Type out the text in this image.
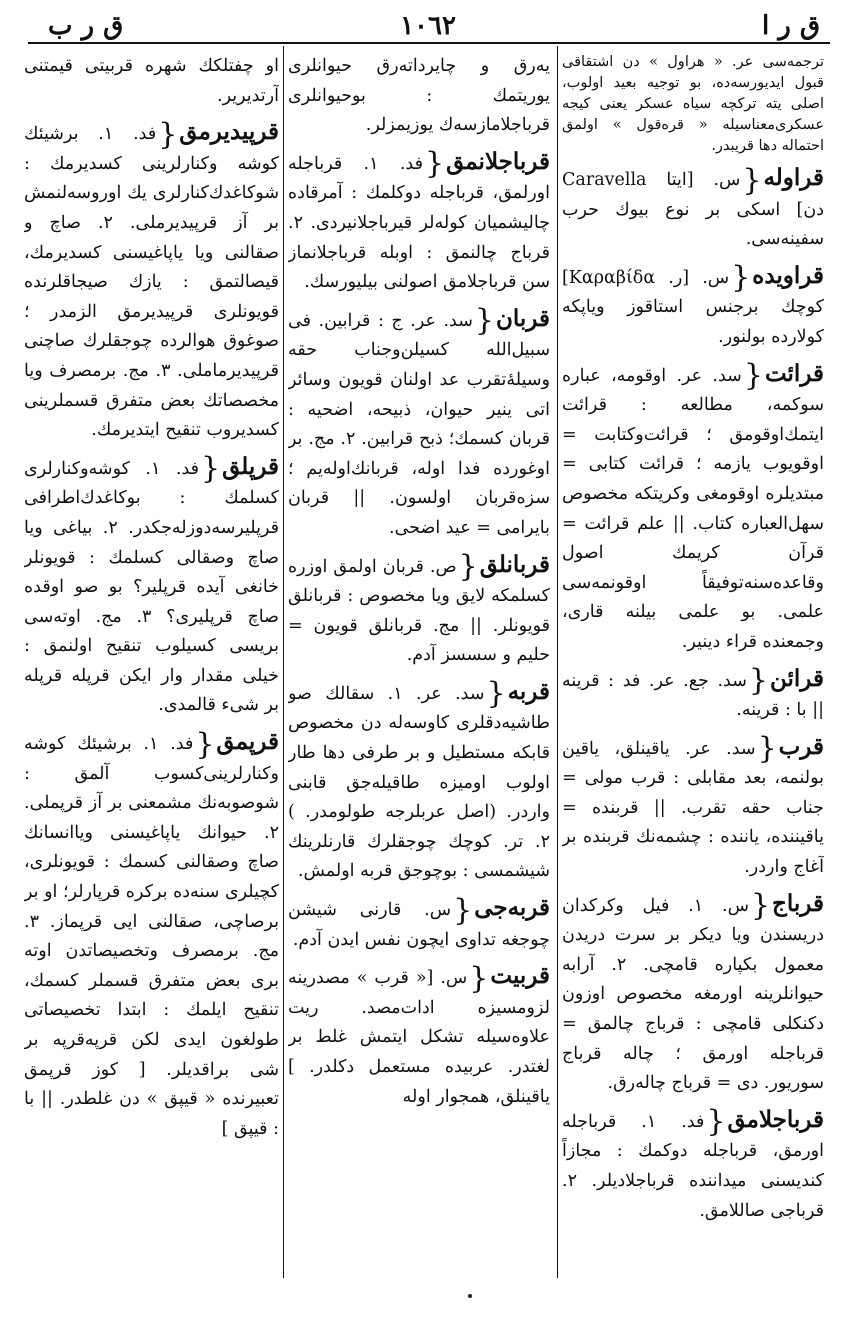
ق ر ا
١٠٦٢
ق ر ب

ترجمه‌سی عر. « هراول » دن اشتقاقی قبول ایدیورسه‌ده، بو توجیه بعید اولوب، اصلی یته ترکچه سیاه عسکر یعنی کیجه عسکری‌معناسیله « قره‌قول » اولمق احتماله دها قریبدر.

قراوله{س. [ایتا Caravella دن] اسکی بر نوع بیوك حرب سفینه‌سی.

قراویده{س. [ر. Καραβίδα] کوچك برجنس استاقوز ویا‌پکه کولارده بولنور.

قرائت{سد. عر. اوقومه، عباره سوکمه، مطالعه : قرائت ایتمك‌اوقومق ؛ قرائت‌وکتابت = اوقویوب یازمه ؛ قرائت کتابی = مبتدیلره اوقومغی وکریتکه مخصوص سهل‌العباره کتاب. || علم قرائت = قرآن کریمك اصول وقاعده‌سنه‌توفیقاً اوقونمه‌سی علمی. بو علمی بیلنه قاری، وجمعنده قراء دینیر.

قرائن{سد. جع. عر. فد : قرینه || با : قرینه.

قرب{سد. عر. یاقینلق، یاقین بولنمه، بعد مقابلی : قرب مولی = جناب حقه تقرب. || قربنده = یاقیننده، یاننده : چشمه‌نك قربنده بر آغاج واردر.

قرباج{س. ١. فیل وکرکدان دریسندن ویا دیکر بر سرت دریدن معمول بکپاره قامچی. ٢. آرابه حیوانلرینه اورمغه مخصوص اوزون دکنکلی قامچی : قرباج چالمق = قرباجله اورمق ؛ چاله قرباج سوریور. دی = قرباج چاله‌رق.

قرباجلامق{فد. ١. قرباجله اورمق، قرباجله دوکمك : مجازاً کندیسنی میداننده قرباجلادیلر. ٢. قرباجی صاللامق.

یه‌رق و چایرداته‌رق حیوانلری یوریتمك : بوحیوانلری قرباجلامازسه‌ك یوزیمزلر.

قرباجلانمق{فد. ١. قرباجله اورلمق، قرباجله دوکلمك : آمرقاده چالیشمیان کوله‌لر قیرباجلانیردی. ٢. قرباج چالنمق : اوبله قرباجلانماز سن قرباجلامق اصولنی بیلیورسك.

قربان{سد. عر. ج : قرابین. فی سبیل‌الله کسیلن‌وجناب حقه وسیلهٔ‌تقرب عد اولنان قویون وسائر اتی ینیر حیوان، ذبیحه، اضحیه : قربان کسمك؛ ذبح قرابین. ٢. مج. بر اوغورده فدا اوله، قربانك‌اوله‌یم ؛ سزه‌قربان اولسون. || قربان بایرامی = عید اضحی.

قربانلق{ص. قربان اولمق اوزره کسلمکه لایق ویا مخصوص : قربانلق قویونلر. || مج. قربانلق قویون = حلیم و سسسز آدم.

قربه{سد. عر. ١. سقالك صو طاشیه‌دقلری کاوسه‌له دن مخصوص قابکه مستطیل و بر طرفی دها طار اولوب اومیزه طاقیله‌جق قابنی واردر. (اصل عربلرجه طولومدر. ) ٢. تر. کوچك چوجقلرك قارنلرینك شیشمسی : بوچوجق قربه اولمش.

قربه‌جی{س. قارنی شیشن چوجغه تداوی ایچون نفس ایدن آدم.

قربیت{س. [« قرب » مصدرینه لزومسیزه ادات‌مصد. ریت علاوه‌سیله تشکل ایتمش غلط بر لغتدر. عربیده مستعمل دکلدر. ] یاقینلق، همجوار اوله

او چفتلکك شهره قربیتی قیمتنی آرتدیریر.

قرپیدیرمق{فد. ١. برشیئك کوشه وکنارلرینی کسدیرمك : شوکاغدك‌کنارلری یك اوروسه‌لنمش بر آز قرپیدیرملی. ٢. صاچ و صقالنی ویا یاپاغیسنی کسدیرمك، قیصالتمق : یازك صیجاقلرنده قویونلری قرپیدیرمق الزمدر ؛ صوغوق هوالرده چوجقلرك صاچنی قرپیدیرماملی. ٣. مج. برمصرف ویا مخصصاتك بعض متفرق قسملرینی کسدیروب تنقیح ایتدیرمك.

قرپلق{فد. ١. کوشه‌وکنارلری کسلمك : بوکاغدك‌اطرافی قرپلیرسه‌دوزله‌جکدر. ٢. بیاغی ویا صاچ وصقالی کسلمك : قویونلر خانغی آیده قرپلیر؟ بو صو اوقده صاچ قرپلیری؟ ٣. مج. اوته‌سی بریسی کسیلوب تنقیح اولنمق : خیلی مقدار وار ایکن قرپله قرپله بر شی‌ء قالمدی.

قرپمق{فد. ١. برشیئك کوشه وکنارلرینی‌کسوب آلمق : شوصوبه‌نك مشمعنی بر آز قرپملی. ٢. حیوانك یاپاغیسنی ویاانسانك صاچ وصقالنی کسمك : قویونلری، کچیلری سنه‌ده برکره قرپارلر؛ او بر برصاچی، صقالنی ایی قرپماز. ٣. مج. برمصرف وتخصیصاتدن اوته بری بعض متفرق قسملر کسمك، تنقیح ایلمك : ابتدا تخصیصاتی طولغون ایدی لکن قرپه‌قرپه بر شی براقدیلر. [ کوز قرپمق تعبیرنده « قیپق » دن غلطدر. || با : قیپق ]
